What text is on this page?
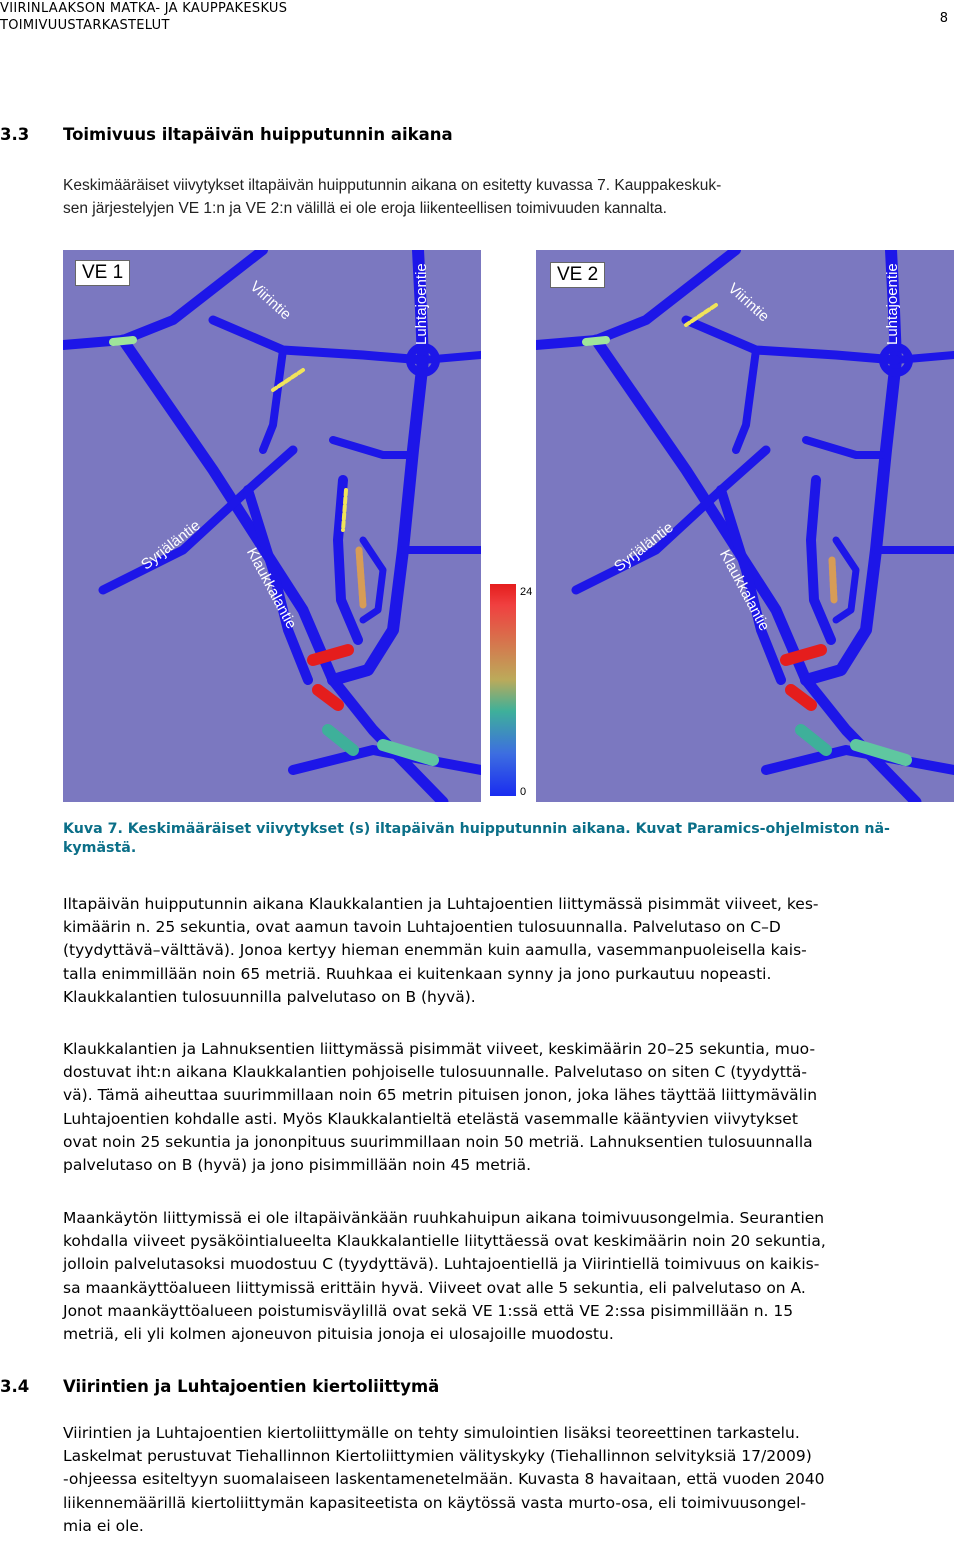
VIIRINLAAKSON MATKA- JA KAUPPAKESKUS
TOIMIVUUSTARKASTELUT	8
3.3 Toimivuus iltapäivän huipputunnin aikana

Keskimääräiset viivytykset iltapäivän huipputunnin aikana on esitetty kuvassa 7. Kauppakeskuk-
sen järjestelyjen VE 1:n ja VE 2:n välillä ei ole eroja liikenteellisen toimivuuden kannalta.

VE 1
Viirintie	Luhtajoentie
Syrjäläntie	Klaukkalantie	24
0
VE 2
Viirintie	Luhtajoentie
Syrjäläntie	Klaukkalantie

Kuva 7. Keskimääräiset viivytykset (s) iltapäivän huipputunnin aikana. Kuvat Paramics-ohjelmiston nä-
kymästä.

Iltapäivän huipputunnin aikana Klaukkalantien ja Luhtajoentien liittymässä pisimmät viiveet, kes-
kimäärin n. 25 sekuntia, ovat aamun tavoin Luhtajoentien tulosuunnalla. Palvelutaso on C–D
(tyydyttävä–välttävä). Jonoa kertyy hieman enemmän kuin aamulla, vasemmanpuoleisella kais-
talla enimmillään noin 65 metriä. Ruuhkaa ei kuitenkaan synny ja jono purkautuu nopeasti.
Klaukkalantien tulosuunnilla palvelutaso on B (hyvä).

Klaukkalantien ja Lahnuksentien liittymässä pisimmät viiveet, keskimäärin 20–25 sekuntia, muo-
dostuvat iht:n aikana Klaukkalantien pohjoiselle tulosuunnalle. Palvelutaso on siten C (tyydyttä-
vä). Tämä aiheuttaa suurimmillaan noin 65 metrin pituisen jonon, joka lähes täyttää liittymävälin
Luhtajoentien kohdalle asti. Myös Klaukkalantieltä etelästä vasemmalle kääntyvien viivytykset
ovat noin 25 sekuntia ja jononpituus suurimmillaan noin 50 metriä. Lahnuksentien tulosuunnalla
palvelutaso on B (hyvä) ja jono pisimmillään noin 45 metriä.

Maankäytön liittymissä ei ole iltapäivänkään ruuhkahuipun aikana toimivuusongelmia. Seurantien
kohdalla viiveet pysäköintialueelta Klaukkalantielle liityttäessä ovat keskimäärin noin 20 sekuntia,
jolloin palvelutasoksi muodostuu C (tyydyttävä). Luhtajoentiellä ja Viirintiellä toimivuus on kaikis-
sa maankäyttöalueen liittymissä erittäin hyvä. Viiveet ovat alle 5 sekuntia, eli palvelutaso on A.
Jonot maankäyttöalueen poistumisväylillä ovat sekä VE 1:ssä että VE 2:ssa pisimmillään n. 15
metriä, eli yli kolmen ajoneuvon pituisia jonoja ei ulosajoille muodostu.

3.4 Viirintien ja Luhtajoentien kiertoliittymä

Viirintien ja Luhtajoentien kiertoliittymälle on tehty simulointien lisäksi teoreettinen tarkastelu.
Laskelmat perustuvat Tiehallinnon Kiertoliittymien välityskyky (Tiehallinnon selvityksiä 17/2009)
-ohjeessa esiteltyyn suomalaiseen laskentamenetelmään. Kuvasta 8 havaitaan, että vuoden 2040
liikennemäärillä kiertoliittymän kapasiteetista on käytössä vasta murto-osa, eli toimivuusongel-
mia ei ole.
